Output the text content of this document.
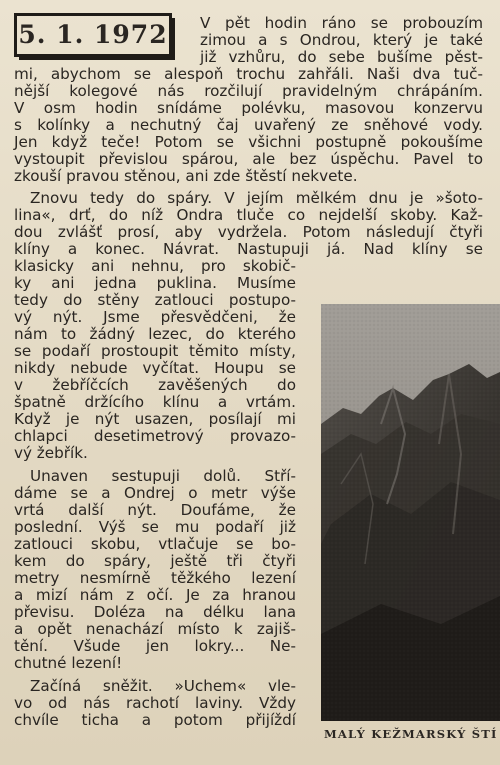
5. 1. 1972 V pět hodin ráno se probouzím
zimou a s Ondrou, který je také
již vzhůru, do sebe bušíme pěst-
mi, abychom se alespoň trochu zahřáli. Naši dva tuč-
nější kolegové nás rozčilují pravidelným chrápáním.
V osm hodin snídáme polévku, masovou konzervu
s kolínky a nechutný čaj uvařený ze sněhové vody.
Jen když teče! Potom se všichni postupně pokoušíme
vystoupit převislou spárou, ale bez úspěchu. Pavel to
zkouší pravou stěnou, ani zde štěstí nekvete.
Znovu tedy do spáry. V jejím mělkém dnu je »šoto-
lina«, drť, do níž Ondra tluče co nejdelší skoby. Kaž-
dou zvlášť prosí, aby vydržela. Potom následují čtyři
klíny a konec. Návrat. Nastupuji já. Nad klíny se
klasicky ani nehnu, pro skobič-
ky ani jedna puklina. Musíme
tedy do stěny zatlouci postupo-
vý nýt. Jsme přesvědčeni, že
nám to žádný lezec, do kterého
se podaří prostoupit těmito místy,
nikdy nebude vyčítat. Houpu se
v žebříčcích zavěšených do
špatně držícího klínu a vrtám.
Když je nýt usazen, posílají mi
chlapci desetimetrový provazo-
vý žebřík.
Unaven sestupuji dolů. Stří-
dáme se a Ondrej o metr výše
vrtá další nýt. Doufáme, že
poslední. Výš se mu podaří již
zatlouci skobu, vtlačuje se bo-
kem do spáry, ještě tři čtyři
metry nesmírně těžkého lezení
a mizí nám z očí. Je za hranou
převisu. Doléza na délku lana
a opět nenachází místo k zajiš-
tění. Všude jen lokry... Ne-
chutné lezení!
Začíná sněžit. »Uchem« vle-
vo od nás rachotí laviny. Vždy
chvíle ticha a potom přijíždí
MALÝ KEŽMARSKÝ ŠTÍ
